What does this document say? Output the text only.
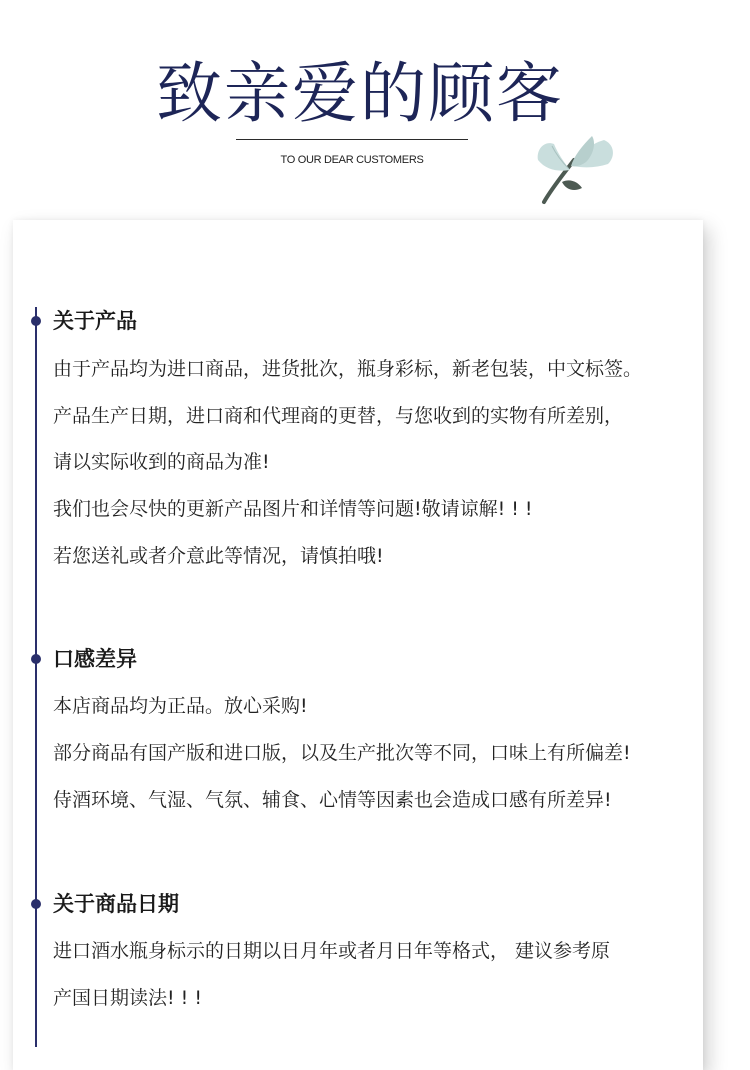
致亲爱的顾客
TO OUR DEAR CUSTOMERS
关于产品

由于产品均为进口商品，进货批次，瓶身彩标，新老包装，中文标签。

产品生产日期，进口商和代理商的更替，与您收到的实物有所差别，

请以实际收到的商品为准!

我们也会尽快的更新产品图片和详情等问题!敬请谅解! ! !

若您送礼或者介意此等情况，请慎拍哦!

口感差异

本店商品均为正品。放心采购!

部分商品有国产版和进口版，以及生产批次等不同，口味上有所偏差!

侍酒环境、气湿、气氛、辅食、心情等因素也会造成口感有所差异!

关于商品日期

进口酒水瓶身标示的日期以日月年或者月日年等格式， 建议参考原

产国日期读法! ! !
